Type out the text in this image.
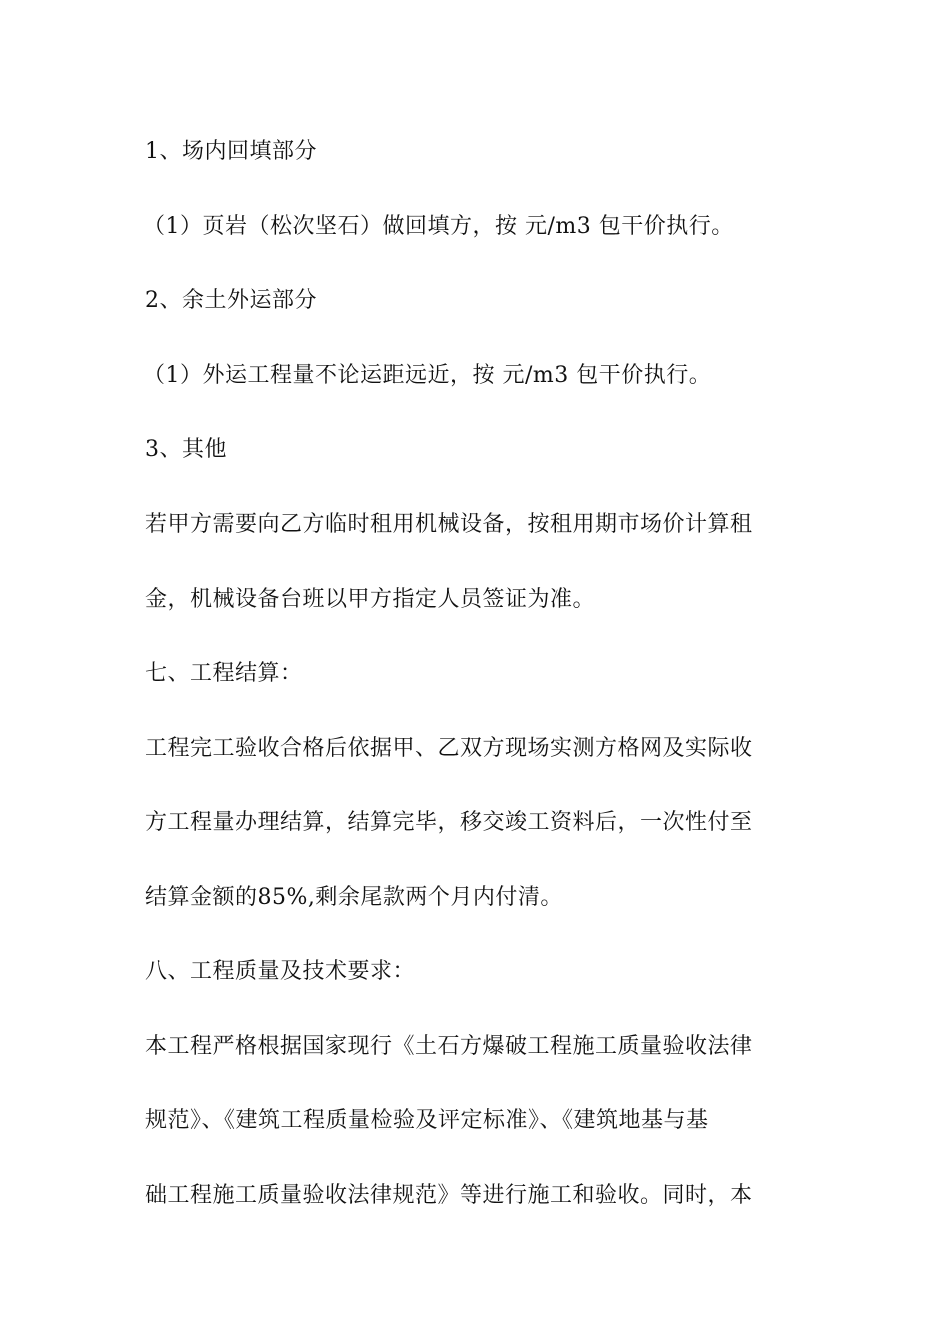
1、场内回填部分
（1）页岩（松次坚石）做回填方，按 元/m3 包干价执行。
2、余土外运部分
（1）外运工程量不论运距远近，按 元/m3 包干价执行。
3、其他
若甲方需要向乙方临时租用机械设备，按租用期市场价计算租
金，机械设备台班以甲方指定人员签证为准。
七、工程结算：
工程完工验收合格后依据甲、乙双方现场实测方格网及实际收
方工程量办理结算，结算完毕，移交竣工资料后，一次性付至
结算金额的85%,剩余尾款两个月内付清。
八、工程质量及技术要求：
本工程严格根据国家现行《土石方爆破工程施工质量验收法律
规范》、《建筑工程质量检验及评定标准》、《建筑地基与基
础工程施工质量验收法律规范》等进行施工和验收。同时，本
